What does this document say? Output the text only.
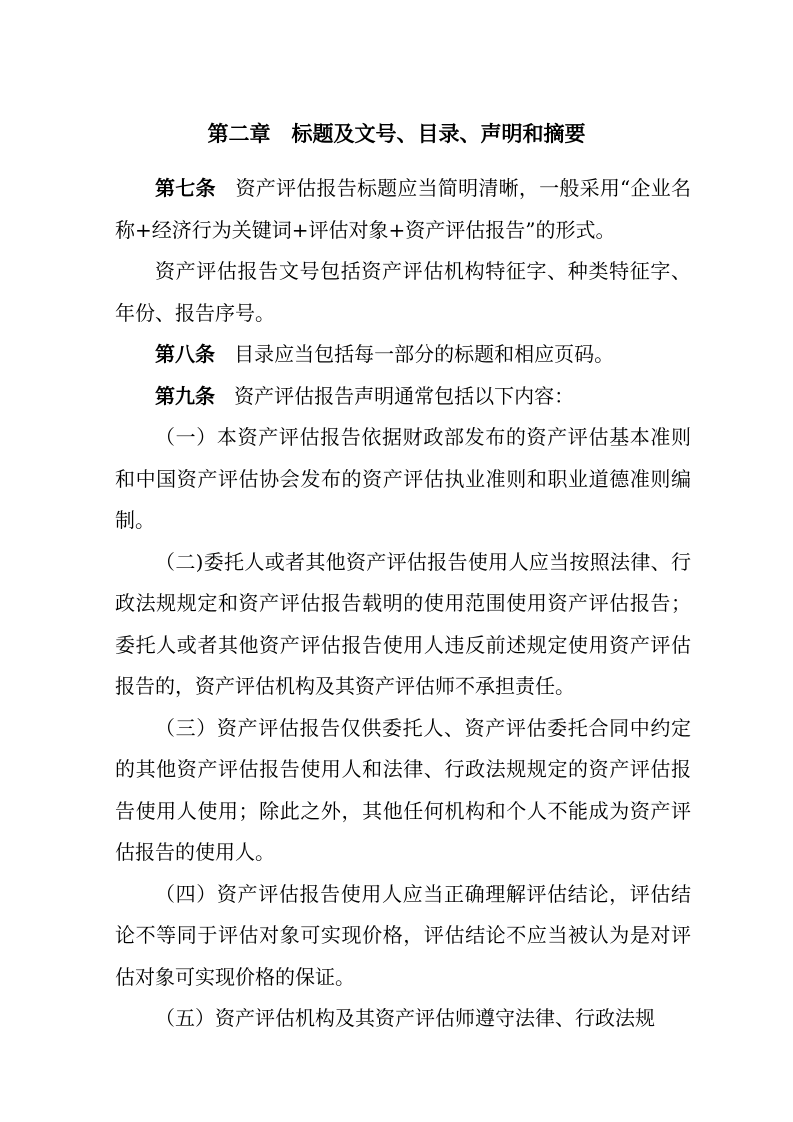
第二章　标题及文号、目录、声明和摘要

第七条 资产评估报告标题应当简明清晰，一般采用“企业名称+经济行为关键词+评估对象+资产评估报告”的形式。

资产评估报告文号包括资产评估机构特征字、种类特征字、年份、报告序号。

第八条 目录应当包括每一部分的标题和相应页码。

第九条 资产评估报告声明通常包括以下内容：

（一）本资产评估报告依据财政部发布的资产评估基本准则和中国资产评估协会发布的资产评估执业准则和职业道德准则编制。

（二)委托人或者其他资产评估报告使用人应当按照法律、行政法规规定和资产评估报告载明的使用范围使用资产评估报告；委托人或者其他资产评估报告使用人违反前述规定使用资产评估报告的，资产评估机构及其资产评估师不承担责任。

（三）资产评估报告仅供委托人、资产评估委托合同中约定的其他资产评估报告使用人和法律、行政法规规定的资产评估报告使用人使用；除此之外，其他任何机构和个人不能成为资产评估报告的使用人。

（四）资产评估报告使用人应当正确理解评估结论，评估结论不等同于评估对象可实现价格，评估结论不应当被认为是对评估对象可实现价格的保证。

（五）资产评估机构及其资产评估师遵守法律、行政法规
